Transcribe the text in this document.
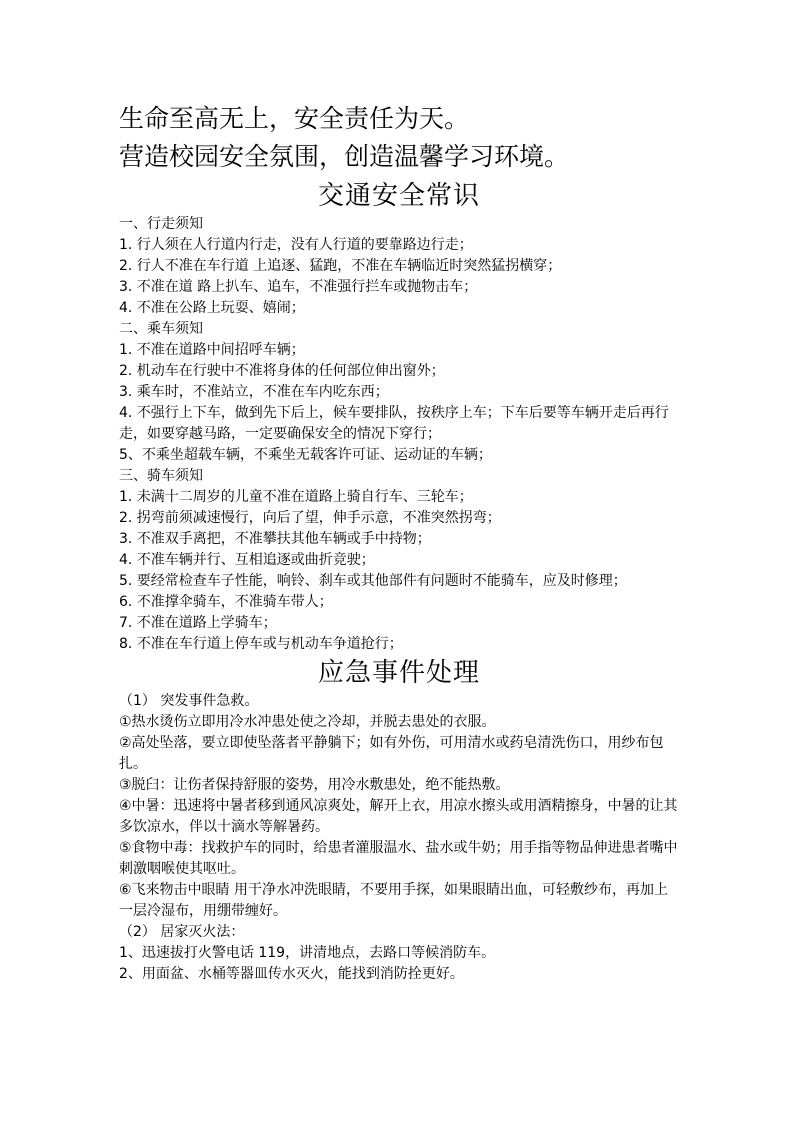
生命至高无上，安全责任为天。
营造校园安全氛围，创造温馨学习环境。
交通安全常识
一、行走须知
1. 行人须在人行道内行走，没有人行道的要靠路边行走；
2. 行人不准在车行道 上追逐、猛跑，不准在车辆临近时突然猛拐横穿；
3. 不准在道 路上扒车、追车，不准强行拦车或抛物击车；
4. 不准在公路上玩耍、嬉闹；
二、乘车须知
1. 不准在道路中间招呼车辆；
2. 机动车在行驶中不准将身体的任何部位伸出窗外；
3. 乘车时，不准站立，不准在车内吃东西；
4. 不强行上下车，做到先下后上，候车要排队，按秩序上车；下车后要等车辆开走后再行走，如要穿越马路，一定要确保安全的情况下穿行；
5、不乘坐超载车辆，不乘坐无载客许可证、运动证的车辆；
三、骑车须知
1. 未满十二周岁的儿童不准在道路上骑自行车、三轮车；
2. 拐弯前须减速慢行，向后了望，伸手示意，不准突然拐弯；
3. 不准双手离把，不准攀扶其他车辆或手中持物；
4. 不准车辆并行、互相追逐或曲折竞驶；
5. 要经常检查车子性能，响铃、刹车或其他部件有问题时不能骑车，应及时修理；
6. 不准撑伞骑车，不准骑车带人；
7. 不准在道路上学骑车；
8. 不准在车行道上停车或与机动车争道抢行；
应急事件处理
（1） 突发事件急救。
①热水烫伤立即用冷水冲患处使之冷却，并脱去患处的衣服。
②高处坠落，要立即使坠落者平静躺下；如有外伤，可用清水或药皂清洗伤口，用纱布包扎。
③脱臼：让伤者保持舒服的姿势，用冷水敷患处，绝不能热敷。
④中暑：迅速将中暑者移到通风凉爽处，解开上衣，用凉水擦头或用酒精擦身，中暑的让其多饮凉水，伴以十滴水等解暑药。
⑤食物中毒：找救护车的同时，给患者灌服温水、盐水或牛奶；用手指等物品伸进患者嘴中刺激咽喉使其呕吐。
⑥飞来物击中眼睛 用干净水冲洗眼睛，不要用手探，如果眼睛出血，可轻敷纱布，再加上一层冷湿布，用绷带缠好。
（2） 居家灭火法：
1、迅速拔打火警电话 119，讲清地点，去路口等候消防车。
2、用面盆、水桶等器皿传水灭火，能找到消防拴更好。
